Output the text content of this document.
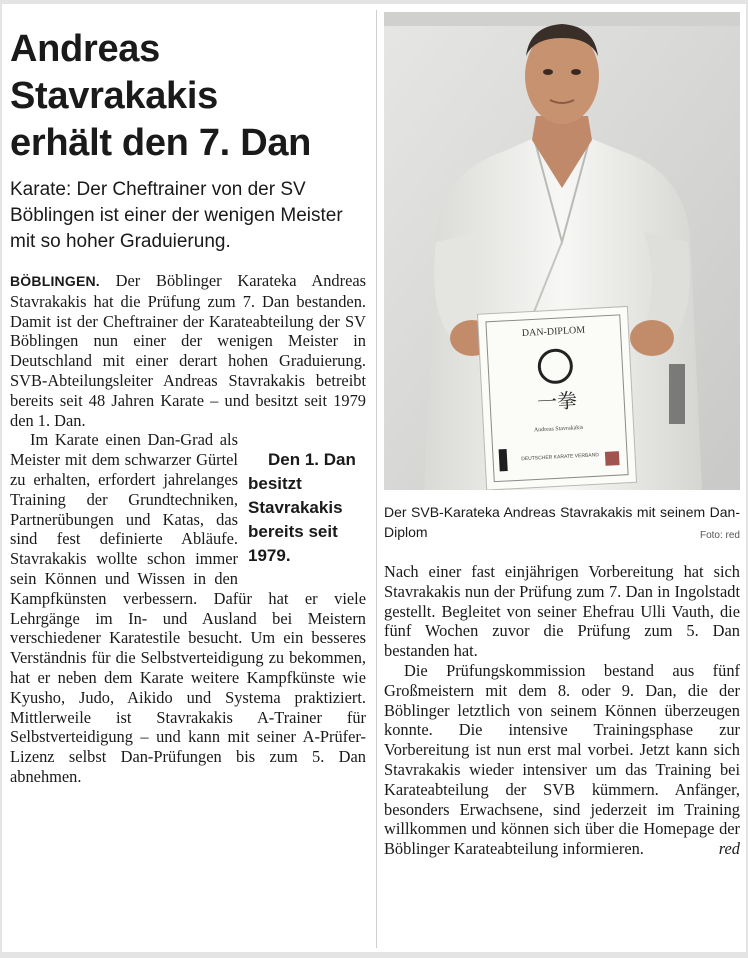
Andreas
Stavrakakis
erhält den 7. Dan

Karate: Der Cheftrainer von der SV Böblingen ist einer der wenigen Meister mit so hoher Graduierung.

BÖBLINGEN. Der Böblinger Karateka Andreas Stavrakakis hat die Prüfung zum 7. Dan bestanden. Damit ist der Cheftrainer der Karateabteilung der SV Böblingen nun einer der wenigen Meister in Deutschland mit einer derart hohen Graduierung. SVB-Abteilungsleiter Andreas Stavrakakis betreibt bereits seit 48 Jahren Karate – und besitzt seit 1979 den 1. Dan.

Den 1. Dan besitzt Stavrakakis bereits seit 1979.
Im Karate einen Dan-Grad als Meister mit dem schwarzer Gürtel zu erhalten, erfordert jahrelanges Training der Grundtechniken, Partnerübungen und Katas, das sind fest definierte Abläufe. Stavrakakis wollte schon immer sein Können und Wissen in den Kampfkünsten verbessern. Dafür hat er viele Lehrgänge im In- und Ausland bei Meistern verschiedener Karatestile besucht. Um ein besseres Verständnis für die Selbstverteidigung zu bekommen, hat er neben dem Karate weitere Kampfkünste wie Kyusho, Judo, Aikido und Systema praktiziert. Mittlerweile ist Stavrakakis A-Trainer für Selbstverteidigung – und kann mit seiner A-Prüfer-Lizenz selbst Dan-Prüfungen bis zum 5. Dan abnehmen.

DAN-DIPLOM
一拳
Andreas Stavrakakis
DEUTSCHER KARATE VERBAND

Der SVB-Karateka Andreas Stavrakakis mit seinem Dan-Diplom	Foto: red

Nach einer fast einjährigen Vorbereitung hat sich Stavrakakis nun der Prüfung zum 7. Dan in Ingolstadt gestellt. Begleitet von seiner Ehefrau Ulli Vauth, die fünf Wochen zuvor die Prüfung zum 5. Dan bestanden hat.

Die Prüfungskommission bestand aus fünf Großmeistern mit dem 8. oder 9. Dan, die der Böblinger letztlich von seinem Können überzeugen konnte. Die intensive Trainingsphase zur Vorbereitung ist nun erst mal vorbei. Jetzt kann sich Stavrakakis wieder intensiver um das Training bei Karateabteilung der SVB kümmern. Anfänger, besonders Erwachsene, sind jederzeit im Training willkommen und können sich über die Homepage der Böblinger Karateabteilung informieren.	red
